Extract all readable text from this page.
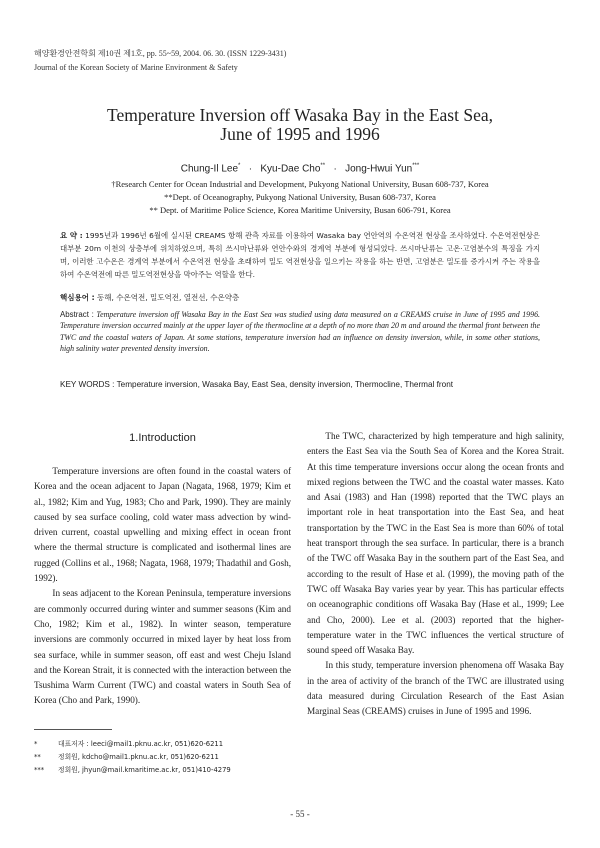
해양환경안전학회 제10권 제1호, pp. 55~59, 2004. 06. 30. (ISSN 1229-3431)
Journal of the Korean Society of Marine Environment & Safety
Temperature Inversion off Wasaka Bay in the East Sea,
June of 1995 and 1996
Chung-Il Lee* · Kyu-Dae Cho** · Jong-Hwui Yun***
†Research Center for Ocean Industrial and Development, Pukyong National University, Busan 608-737, Korea
**Dept. of Oceanography, Pukyong National University, Busan 608-737, Korea
** Dept. of Maritime Police Science, Korea Maritime University, Busan 606-791, Korea
요 약 : 1995년과 1996년 6월에 실시된 CREAMS 항해 관측 자료를 이용하여 Wasaka bay 연안역의 수온역전 현상을 조사하였다. 수온역전현상은 대부분 20m 이천의 상층부에 위치하였으며, 특히 쓰시마난류와 연안수와의 경계역 부분에 형성되었다. 쓰시마난류는 고온·고염분수의 특징을 가지며, 이러한 고수온은 경계역 부분에서 수온역전 현상을 초래하여 밀도 역전현상을 일으키는 작용을 하는 반면, 고염분은 밀도를 증가시켜 주는 작용을 하여 수온역전에 따른 밀도역전현상을 막아주는 역할을 한다.
핵심용어 : 동해, 수온역전, 밀도역전, 열전선, 수온약층
Abstract : Temperature inversion off Wasaka Bay in the East Sea was studied using data measured on a CREAMS cruise in June of 1995 and 1996. Temperature inversion occurred mainly at the upper layer of the thermocline at a depth of no more than 20 m and around the thermal front between the TWC and the coastal waters of Japan. At some stations, temperature inversion had an influence on density inversion, while, in some other stations, high salinity water prevented density inversion.
KEY WORDS : Temperature inversion, Wasaka Bay, East Sea, density inversion, Thermocline, Thermal front
1.Introduction

Temperature inversions are often found in the coastal waters of Korea and the ocean adjacent to Japan (Nagata, 1968, 1979; Kim et al., 1982; Kim and Yug, 1983; Cho and Park, 1990). They are mainly caused by sea surface cooling, cold water mass advection by wind-driven current, coastal upwelling and mixing effect in ocean front where the thermal structure is complicated and isothermal lines are rugged (Collins et al., 1968; Nagata, 1968, 1979; Thadathil and Gosh, 1992).

In seas adjacent to the Korean Peninsula, temperature inversions are commonly occurred during winter and summer seasons (Kim and Cho, 1982; Kim et al., 1982). In winter season, temperature inversions are commonly occurred in mixed layer by heat loss from sea surface, while in summer season, off east and west Cheju Island and the Korean Strait, it is connected with the interaction between the Tsushima Warm Current (TWC) and coastal waters in South Sea of Korea (Cho and Park, 1990).

The TWC, characterized by high temperature and high salinity, enters the East Sea via the South Sea of Korea and the Korea Strait. At this time temperature inversions occur along the ocean fronts and mixed regions between the TWC and the coastal water masses. Kato and Asai (1983) and Han (1998) reported that the TWC plays an important role in heat transportation into the East Sea, and heat transportation by the TWC in the East Sea is more than 60% of total heat transport through the sea surface. In particular, there is a branch of the TWC off Wasaka Bay in the southern part of the East Sea, and according to the result of Hase et al. (1999), the moving path of the TWC off Wasaka Bay varies year by year. This has particular effects on oceanographic conditions off Wasaka Bay (Hase et al., 1999; Lee and Cho, 2000). Lee et al. (2003) reported that the higher-temperature water in the TWC influences the vertical structure of sound speed off Wasaka Bay.

In this study, temperature inversion phenomena off Wasaka Bay in the area of activity of the branch of the TWC are illustrated using data measured during Circulation Research of the East Asian Marginal Seas (CREAMS) cruises in June of 1995 and 1996.

*	대표저자 : leeci@mail1.pknu.ac.kr, 051)620-6211
**	정회원, kdcho@mail1.pknu.ac.kr, 051)620-6211
*** 정회원, jhyun@mail.kmaritime.ac.kr, 051)410-4279
- 55 -
